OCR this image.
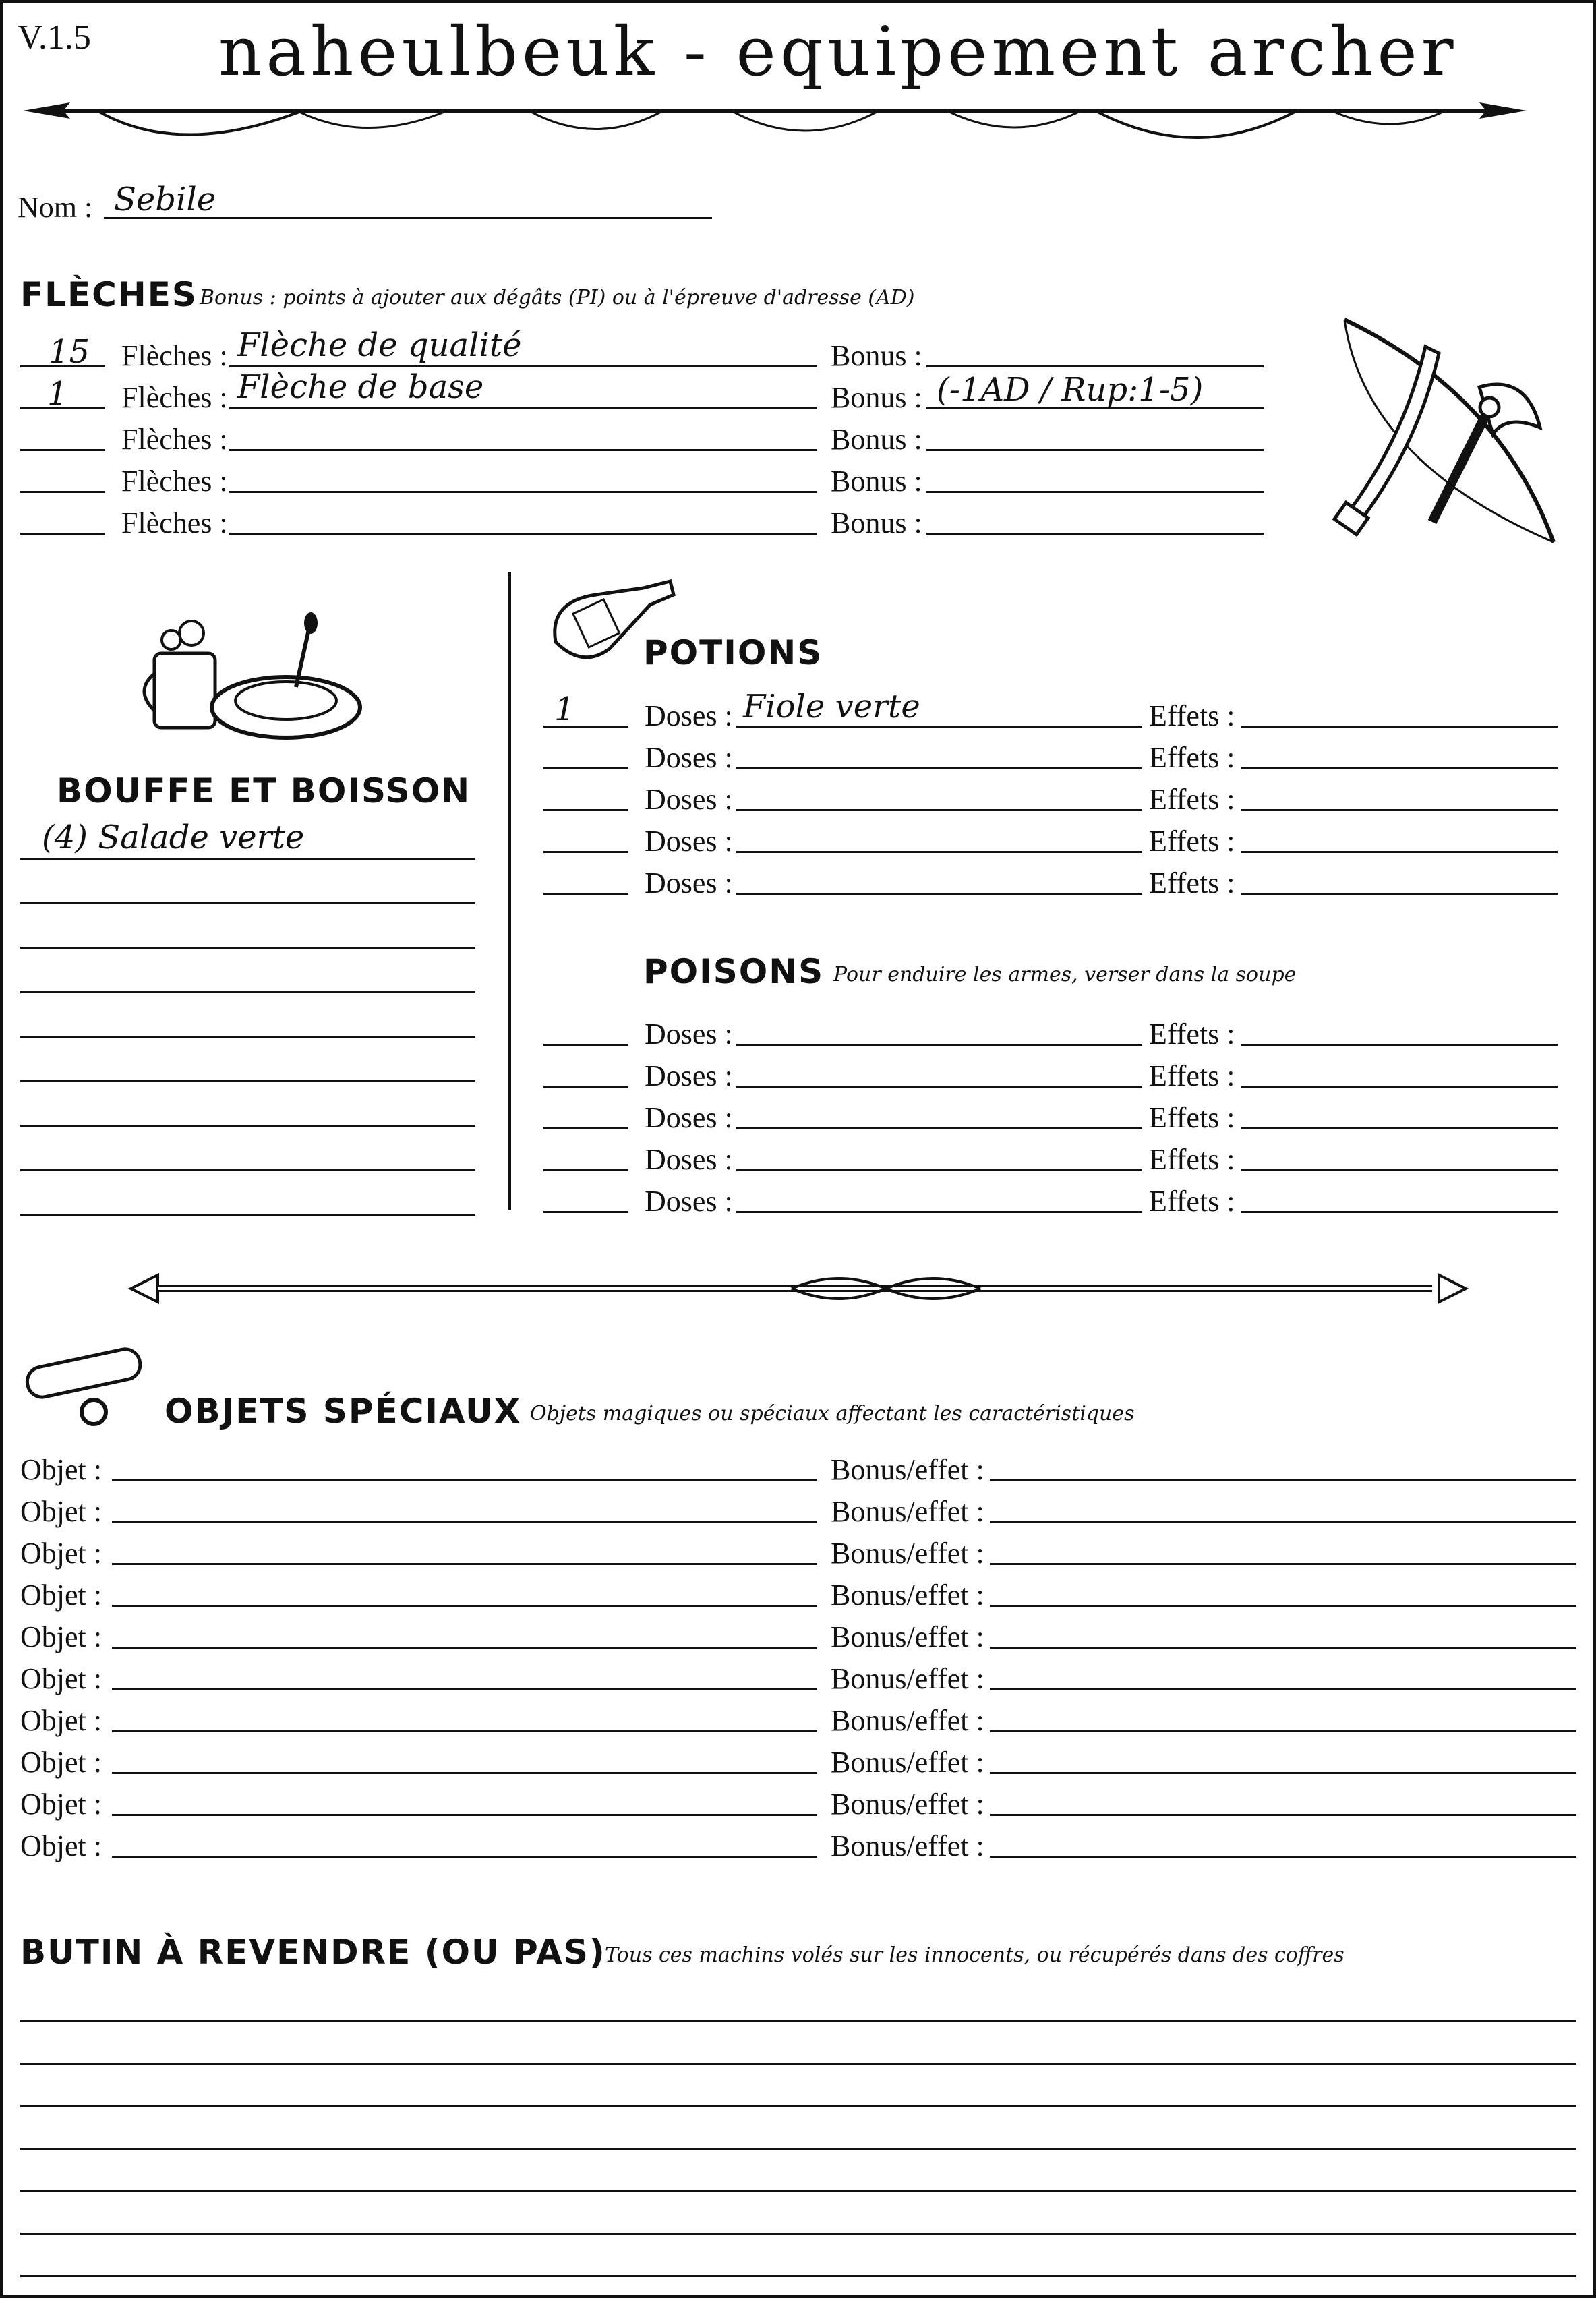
V.1.5 naheulbeuk - equipement archer
Nom : Sebile
FLÈCHES Bonus : points à ajouter aux dégâts (PI) ou à l'épreuve d'adresse (AD)
15 Flèches : Flèche de qualité	Bonus :
1 Flèches : Flèche de base	Bonus : (-1AD / Rup:1-5)
Flèches :	Bonus :
Flèches :	Bonus :
Flèches :	Bonus :
BOUFFE ET BOISSON
(4) Salade verte
POTIONS
1 Doses : Fiole verte	Effets :
Doses :	Effets :
Doses :	Effets :
Doses :	Effets :
Doses :	Effets :
POISONS Pour enduire les armes, verser dans la soupe
Doses :	Effets :
Doses :	Effets :
Doses :	Effets :
Doses :	Effets :
Doses :	Effets :
OBJETS SPÉCIAUX Objets magiques ou spéciaux affectant les caractéristiques
Objet :	Bonus/effet :
Objet :	Bonus/effet :
Objet :	Bonus/effet :
Objet :	Bonus/effet :
Objet :	Bonus/effet :
Objet :	Bonus/effet :
Objet :	Bonus/effet :
Objet :	Bonus/effet :
Objet :	Bonus/effet :
Objet :	Bonus/effet :
BUTIN À REVENDRE (OU PAS)
Tous ces machins volés sur les innocents, ou récupérés dans des coffres
